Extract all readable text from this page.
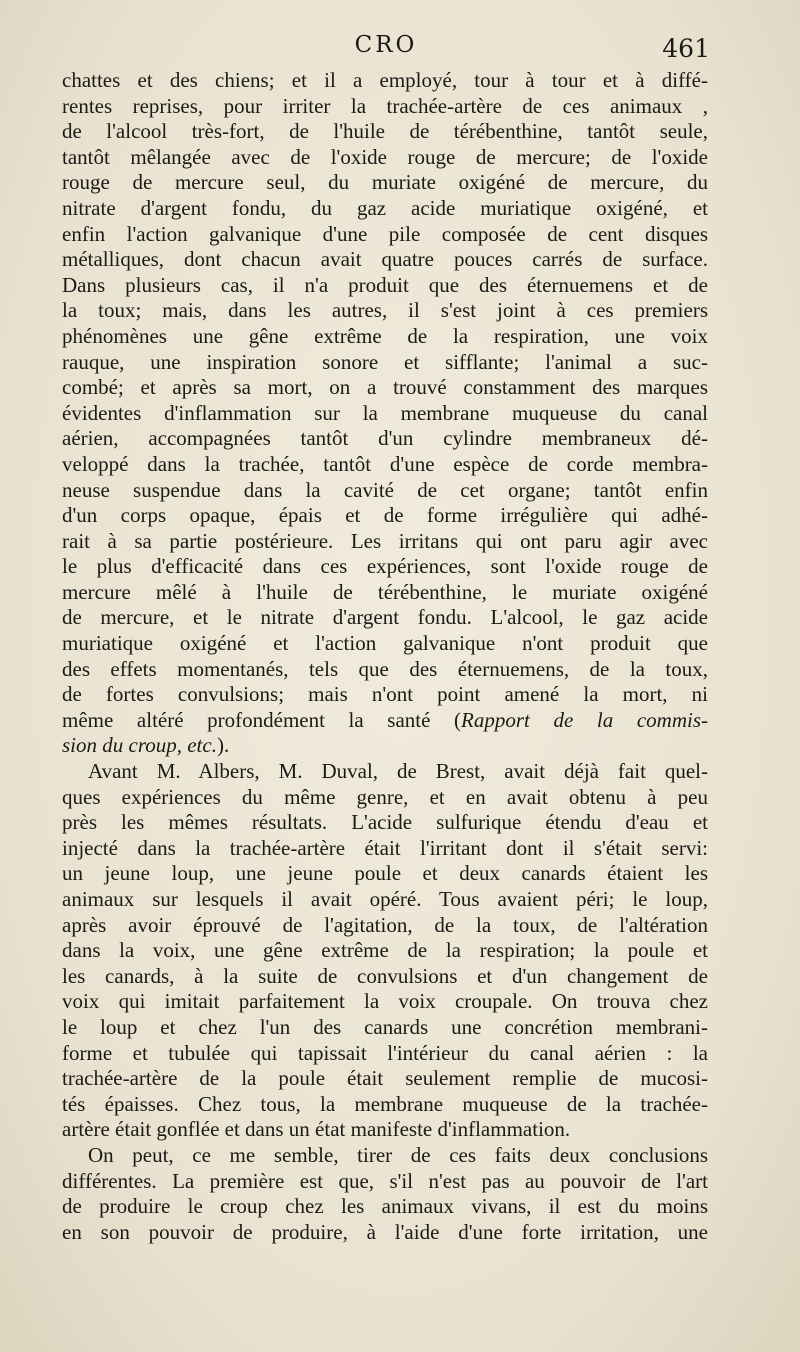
CRO	461
chattes et des chiens; et il a employé, tour à tour et à diffé-
rentes reprises, pour irriter la trachée-artère de ces animaux ,
de l'alcool très-fort, de l'huile de térébenthine, tantôt seule,
tantôt mêlangée avec de l'oxide rouge de mercure; de l'oxide
rouge de mercure seul, du muriate oxigéné de mercure, du
nitrate d'argent fondu, du gaz acide muriatique oxigéné, et
enfin l'action galvanique d'une pile composée de cent disques
métalliques, dont chacun avait quatre pouces carrés de surface.
Dans plusieurs cas, il n'a produit que des éternuemens et de
la toux; mais, dans les autres, il s'est joint à ces premiers
phénomènes une gêne extrême de la respiration, une voix
rauque, une inspiration sonore et sifflante; l'animal a suc-
combé; et après sa mort, on a trouvé constamment des marques
évidentes d'inflammation sur la membrane muqueuse du canal
aérien, accompagnées tantôt d'un cylindre membraneux dé-
veloppé dans la trachée, tantôt d'une espèce de corde membra-
neuse suspendue dans la cavité de cet organe; tantôt enfin
d'un corps opaque, épais et de forme irrégulière qui adhé-
rait à sa partie postérieure. Les irritans qui ont paru agir avec
le plus d'efficacité dans ces expériences, sont l'oxide rouge de
mercure mêlé à l'huile de térébenthine, le muriate oxigéné
de mercure, et le nitrate d'argent fondu. L'alcool, le gaz acide
muriatique oxigéné et l'action galvanique n'ont produit que
des effets momentanés, tels que des éternuemens, de la toux,
de fortes convulsions; mais n'ont point amené la mort, ni
même altéré profondément la santé (Rapport de la commis-
sion du croup, etc.).
Avant M. Albers, M. Duval, de Brest, avait déjà fait quel-
ques expériences du même genre, et en avait obtenu à peu
près les mêmes résultats. L'acide sulfurique étendu d'eau et
injecté dans la trachée-artère était l'irritant dont il s'était servi:
un jeune loup, une jeune poule et deux canards étaient les
animaux sur lesquels il avait opéré. Tous avaient péri; le loup,
après avoir éprouvé de l'agitation, de la toux, de l'altération
dans la voix, une gêne extrême de la respiration; la poule et
les canards, à la suite de convulsions et d'un changement de
voix qui imitait parfaitement la voix croupale. On trouva chez
le loup et chez l'un des canards une concrétion membrani-
forme et tubulée qui tapissait l'intérieur du canal aérien : la
trachée-artère de la poule était seulement remplie de mucosi-
tés épaisses. Chez tous, la membrane muqueuse de la trachée-
artère était gonflée et dans un état manifeste d'inflammation.
On peut, ce me semble, tirer de ces faits deux conclusions
différentes. La première est que, s'il n'est pas au pouvoir de l'art
de produire le croup chez les animaux vivans, il est du moins
en son pouvoir de produire, à l'aide d'une forte irritation, une
